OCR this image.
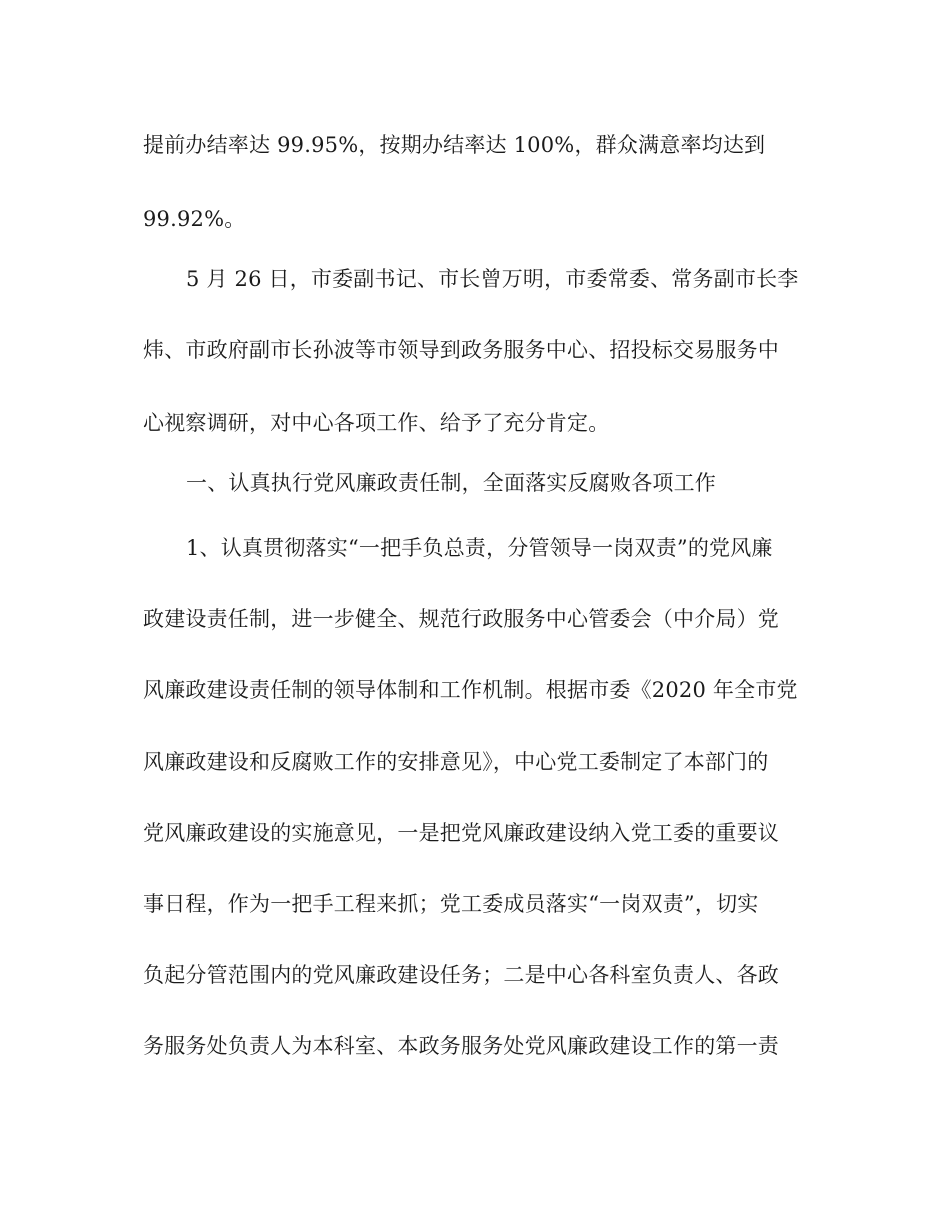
提前办结率达 99.95%，按期办结率达 100%，群众满意率均达到
99.92%。
5 月 26 日，市委副书记、市长曾万明，市委常委、常务副市长李
炜、市政府副市长孙波等市领导到政务服务中心、招投标交易服务中
心视察调研，对中心各项工作、给予了充分肯定。
一、认真执行党风廉政责任制，全面落实反腐败各项工作
1、认真贯彻落实“一把手负总责，分管领导一岗双责”的党风廉
政建设责任制，进一步健全、规范行政服务中心管委会（中介局）党
风廉政建设责任制的领导体制和工作机制。根据市委《2020 年全市党
风廉政建设和反腐败工作的安排意见》，中心党工委制定了本部门的
党风廉政建设的实施意见，一是把党风廉政建设纳入党工委的重要议
事日程，作为一把手工程来抓；党工委成员落实“一岗双责”，切实
负起分管范围内的党风廉政建设任务；二是中心各科室负责人、各政
务服务处负责人为本科室、本政务服务处党风廉政建设工作的第一责
